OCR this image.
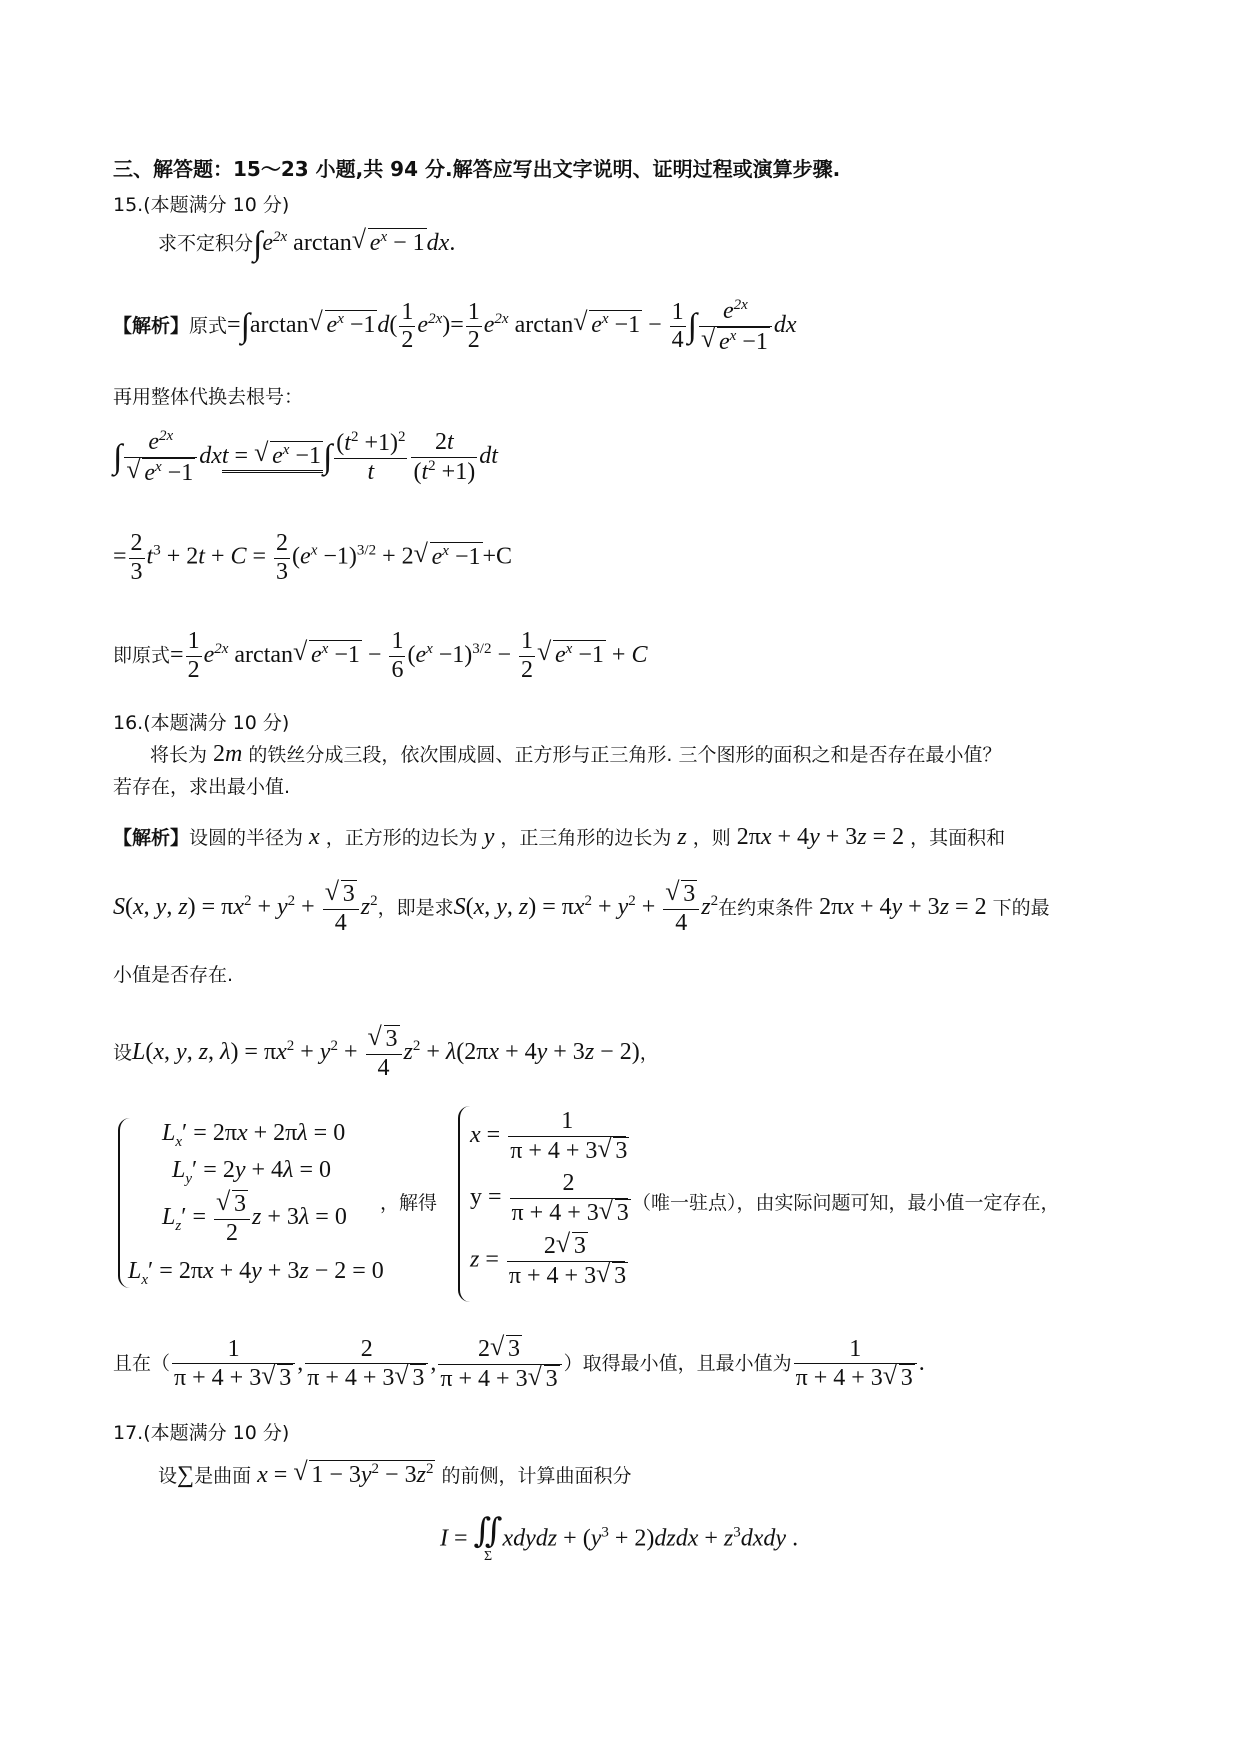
三、解答题：15～23 小题,共 94 分.解答应写出文字说明、证明过程或演算步骤.
15.(本题满分 10 分)
求不定积分$\int e^{2x}$ arctan√ $e^x - 1dx$.
【解析】原式=∫arctan√ $e^x -1d( \frac{1}{2} e^{2x})= \frac{1}{2} e^{2x}$ arctan√ $e^x -1 - \frac{1}{4}$ ∫ $e^{2x}$
√ $e^x -1$ dx
再用整体代换去根号：
∫ $e^{2x}$
√ $e^x -1$ dxt = √ $e^x -1\int \frac{(t^2 +1)^2}{t} \frac{2t}{(t^2 +1)}$ dt
= $\frac{2}{3} t^3 + 2t + C = \frac{2}{3} (e^x -1)^{3/2} + 2√$ $e^x -1+C$
即原式= $\frac{1}{2} e^{2x}$ arctan√ $e^x -1 - \frac{1}{6} (e^x -1)^{3/2} - \frac{1}{2}$
√ $e^x -1 + C$
16.(本题满分 10 分)
将长为 2m 的铁丝分成三段，依次围成圆、正方形与正三角形. 三个图形的面积之和是否存在最小值？
若存在，求出最小值.
【解析】设圆的半径为 x ，正方形的边长为 y ，正三角形的边长为 z ，则 2πx + 4y + 3z = 2 ，其面积和
S(x, y, $z) = \pi x^2 + y^2$ +
√ $\frac{3}{4} z^2$，即是求S(x, y, $z) = \pi x^2 + y^2$ +
√ $\frac{3}{4} z^2$在约束条件 2πx + 4y + 3z = 2 下的最
小值是否存在.
设L(x, y, z, $\lambda) = \pi x^2 + y^2$ +
√ $\frac{3}{4} z^2 + \lambda(2\pi x + 4y + 3z - 2)$，
$L_x' = 2\pi x + 2\pi\lambda = 0$
$L_y' = 2y + 4\lambda = 0$
$L_z'$ =
√ $\frac{3}{2}$ z + 3λ = 0
$L_x' = 2\pi x + 4y + 3z - 2 = 0$
，解得
$x = \frac{1}{\pi + 4 + 3√ 3}$
$y = \frac{2}{\pi + 4 + 3√ 3}$
$z = \frac{2√ 3}{\pi + 4 + 3√ 3}$
（唯一驻点），由实际问题可知，最小值一定存在，
且在（ $\frac{1}{\pi + 4 + 3√ 3}$ , $\frac{2}{\pi + 4 + 3√ 3}$ , $\frac{2√ 3}{\pi + 4 + 3√ 3}$ ）取得最小值，且最小值为 $\frac{1}{\pi + 4 + 3√ 3}$ .
17.(本题满分 10 分)
设∑是曲面 x = √ $1 - 3y^2 - 3z^2$ 的前侧，计算曲面积分
I = ∬
Σ
xdydz + ($y^3$ + 2)dzdx + $z^3dxdy$ .
